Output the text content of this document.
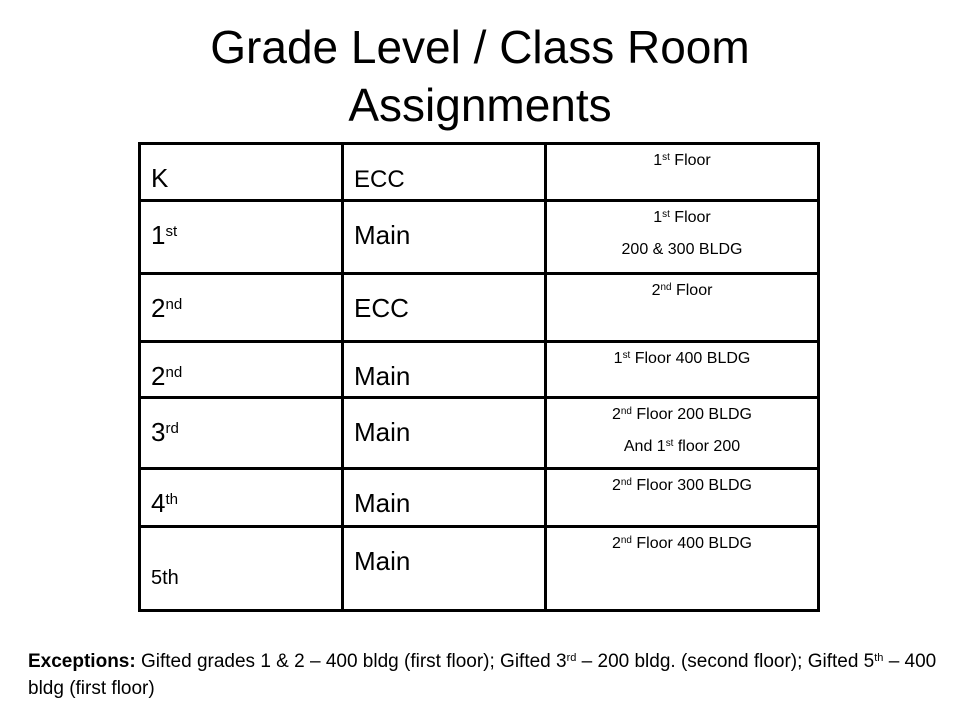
Grade Level / Class Room Assignments
K	ECC	1st Floor

1st	Main	1st Floor
200 & 300 BLDG

2nd	ECC	2nd Floor

2nd	Main	1st Floor 400 BLDG

3rd	Main	2nd Floor 200 BLDG
And 1st floor 200

4th	Main	2nd Floor 300 BLDG

5th	Main	2nd Floor 400 BLDG
Exceptions: Gifted grades 1 & 2 – 400 bldg (first floor); Gifted 3rd – 200 bldg. (second floor); Gifted 5th – 400 bldg (first floor)
